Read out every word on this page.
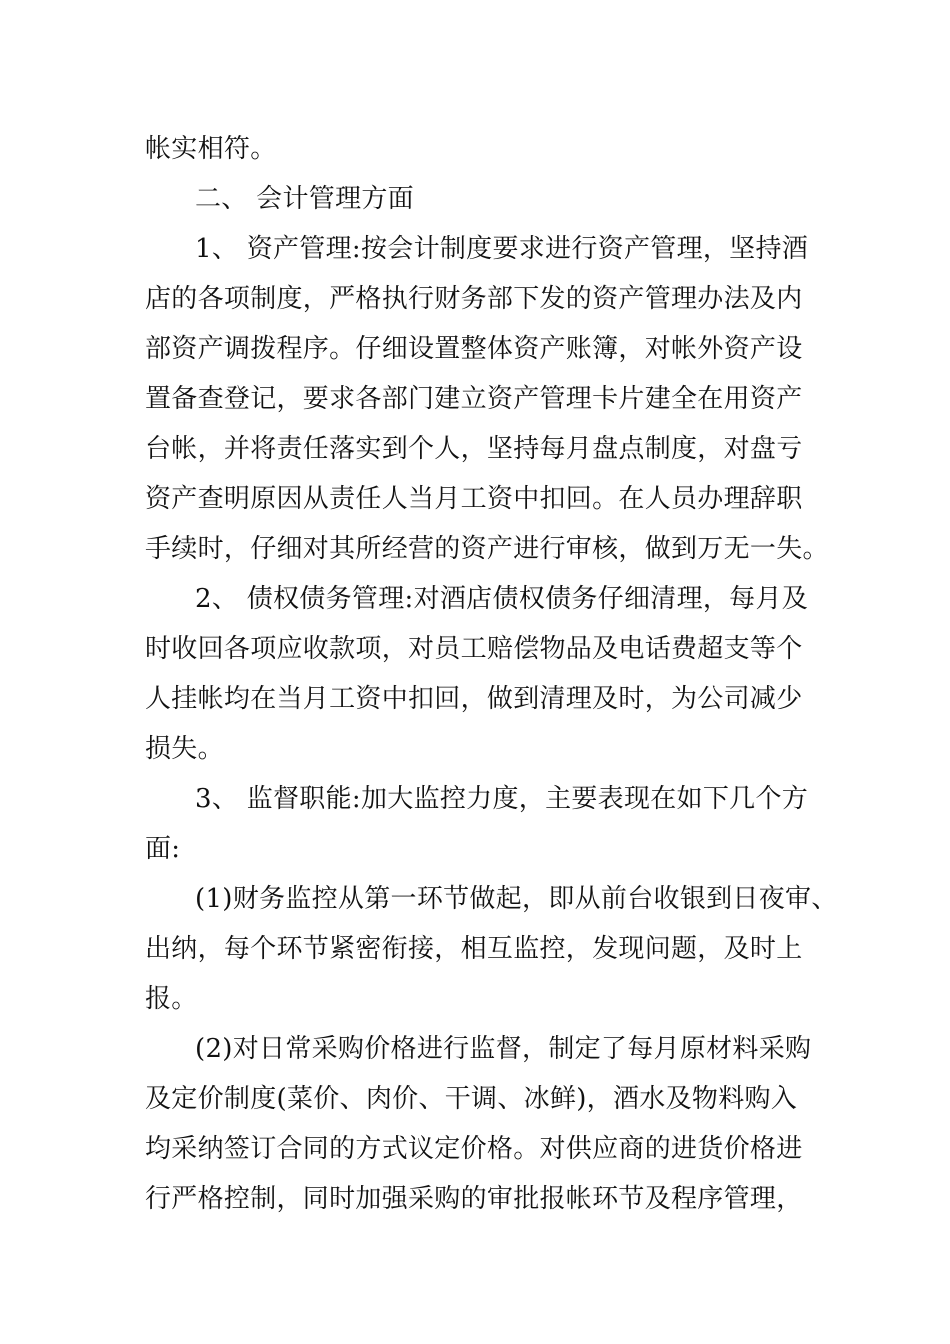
帐实相符。
二、 会计管理方面
1、 资产管理:按会计制度要求进行资产管理，坚持酒
店的各项制度，严格执行财务部下发的资产管理办法及内
部资产调拨程序。仔细设置整体资产账簿，对帐外资产设
置备查登记，要求各部门建立资产管理卡片建全在用资产
台帐，并将责任落实到个人，坚持每月盘点制度，对盘亏
资产查明原因从责任人当月工资中扣回。在人员办理辞职
手续时，仔细对其所经营的资产进行审核，做到万无一失。
2、 债权债务管理:对酒店债权债务仔细清理，每月及
时收回各项应收款项，对员工赔偿物品及电话费超支等个
人挂帐均在当月工资中扣回，做到清理及时，为公司减少
损失。
3、 监督职能:加大监控力度，主要表现在如下几个方
面:
(1)财务监控从第一环节做起，即从前台收银到日夜审、
出纳，每个环节紧密衔接，相互监控，发现问题，及时上
报。
(2)对日常采购价格进行监督，制定了每月原材料采购
及定价制度(菜价、肉价、干调、冰鲜)，酒水及物料购入
均采纳签订合同的方式议定价格。对供应商的进货价格进
行严格控制，同时加强采购的审批报帐环节及程序管理，
